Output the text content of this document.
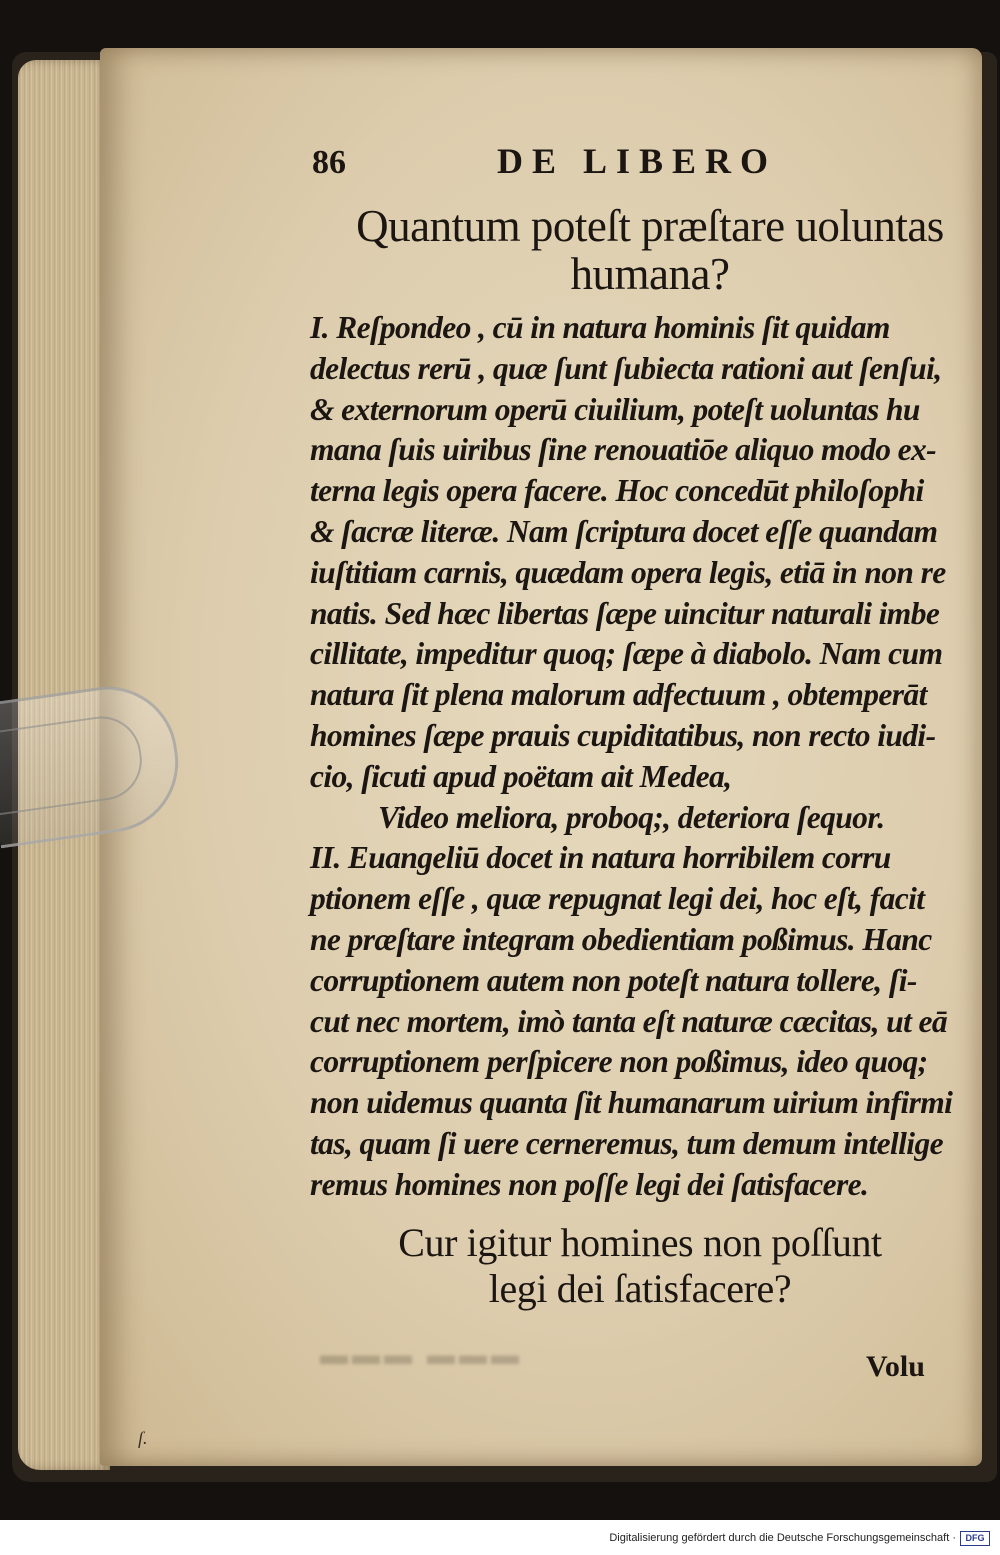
86	DE LIBERO
Quantum poteſt præſtare uoluntas
humana?
I. Reſpondeo , cū in natura hominis ſit quidam
delectus rerū , quæ ſunt ſubiecta rationi aut ſenſui,
& externorum operū ciuilium, poteſt uoluntas hu
mana ſuis uiribus ſine renouatiōe aliquo modo ex-
terna legis opera facere. Hoc concedūt philoſophi
& ſacræ literæ. Nam ſcriptura docet eſſe quandam
iuſtitiam carnis, quædam opera legis, etiā in non re
natis. Sed hæc libertas ſæpe uincitur naturali imbe
cillitate, impeditur quoq; ſæpe à diabolo. Nam cum
natura ſit plena malorum adfectuum , obtemperāt
homines ſæpe prauis cupiditatibus, non recto iudi-
cio, ſicuti apud poëtam ait Medea,
Video meliora, proboq;, deteriora ſequor.
II. Euangeliū docet in natura horribilem corru
ptionem eſſe , quæ repugnat legi dei, hoc eſt, facit
ne præſtare integram obedientiam poßimus. Hanc
corruptionem autem non poteſt natura tollere, ſi-
cut nec mortem, imò tanta eſt naturæ cæcitas, ut eā
corruptionem perſpicere non poßimus, ideo quoq;
non uidemus quanta ſit humanarum uirium infirmi
tas, quam ſi uere cerneremus, tum demum intellige
remus homines non poſſe legi dei ſatisfacere.
Cur igitur homines non poſſunt
legi dei ſatisfacere?
▬▬▬ ▬▬▬	Volu
ſ.
Digitalisierung gefördert durch die Deutsche Forschungsgemeinschaft ·	DFG
